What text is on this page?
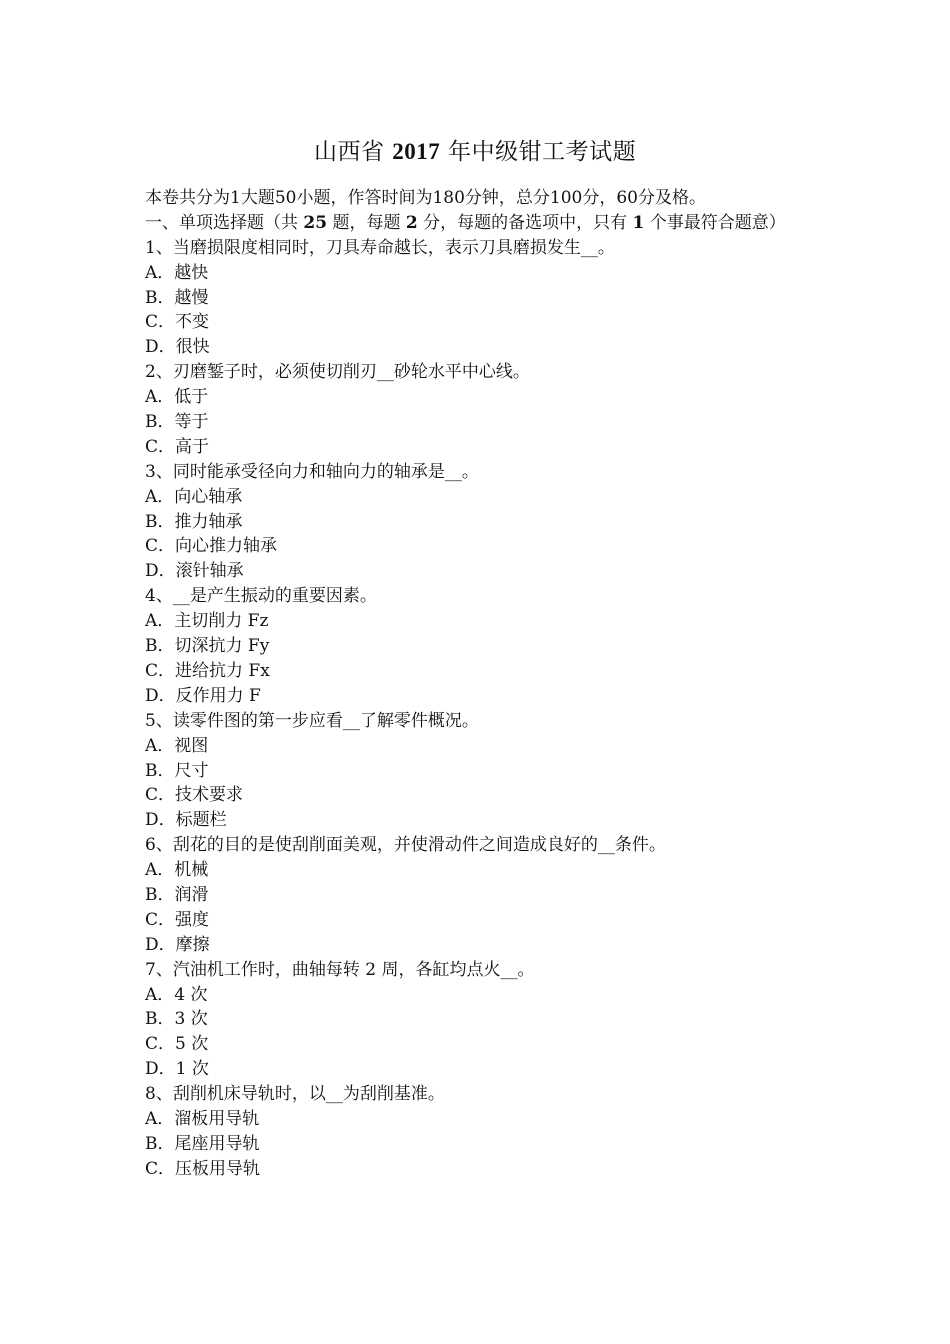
山西省 2017 年中级钳工考试题
本卷共分为1大题50小题，作答时间为180分钟，总分100分，60分及格。
一、单项选择题（共 25 题，每题 2 分，每题的备选项中，只有 1 个事最符合题意）
1、当磨损限度相同时，刀具寿命越长，表示刀具磨损发生__。
A．越快
B．越慢
C．不变
D．很快
2、刃磨錾子时，必须使切削刃__砂轮水平中心线。
A．低于
B．等于
C．高于
3、同时能承受径向力和轴向力的轴承是__。
A．向心轴承
B．推力轴承
C．向心推力轴承
D．滚针轴承
4、__是产生振动的重要因素。
A．主切削力 Fz
B．切深抗力 Fy
C．进给抗力 Fx
D．反作用力 F
5、读零件图的第一步应看__了解零件概况。
A．视图
B．尺寸
C．技术要求
D．标题栏
6、刮花的目的是使刮削面美观，并使滑动件之间造成良好的__条件。
A．机械
B．润滑
C．强度
D．摩擦
7、汽油机工作时，曲轴每转 2 周，各缸均点火__。
A．4 次
B．3 次
C．5 次
D．1 次
8、刮削机床导轨时，以__为刮削基准。
A．溜板用导轨
B．尾座用导轨
C．压板用导轨
